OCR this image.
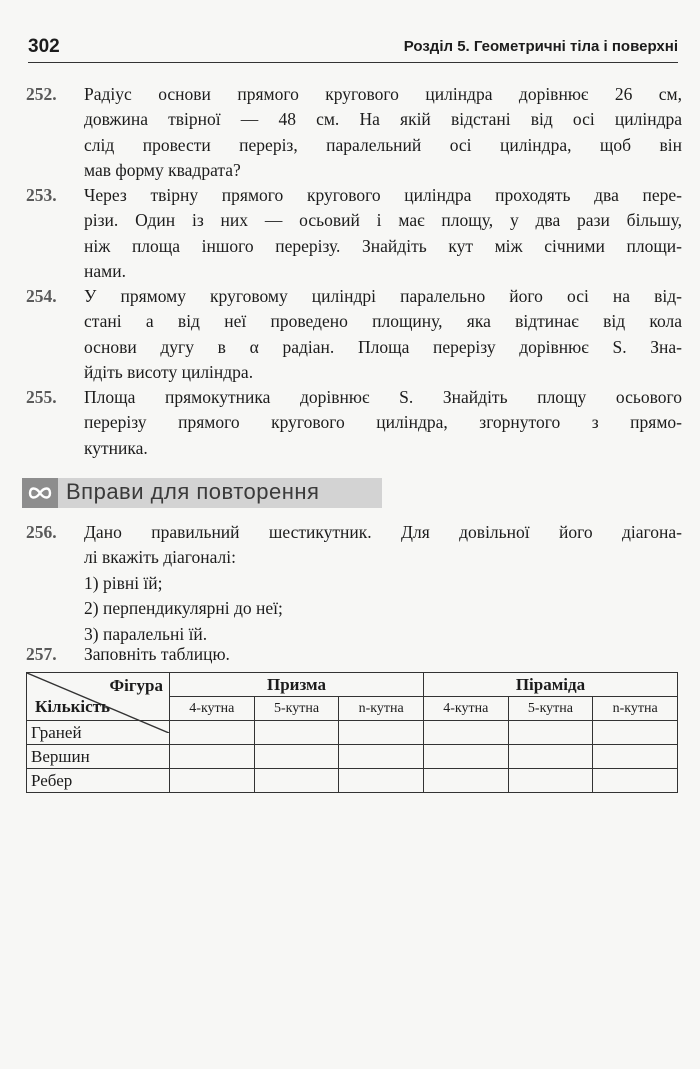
302	Розділ 5. Геометричні тіла і поверхні
252. Радіус основи прямого кругового циліндра дорівнює 26 см,
довжина твірної — 48 см. На якій відстані від осі циліндра
слід провести переріз, паралельний осі циліндра, щоб він
мав форму квадрата?
253. Через твірну прямого кругового циліндра проходять два пере-
різи. Один із них — осьовий і має площу, у два рази більшу,
ніж площа іншого перерізу. Знайдіть кут між січними площи-
нами.
254. У прямому круговому циліндрі паралельно його осі на від-
стані a від неї проведено площину, яка відтинає від кола
основи дугу в α радіан. Площа перерізу дорівнює S. Зна-
йдіть висоту циліндра.
255. Площа прямокутника дорівнює S. Знайдіть площу осьового
перерізу прямого кругового циліндра, згорнутого з прямо-
кутника.
Вправи для повторення
256. Дано правильний шестикутник. Для довільної його діагона-
лі вкажіть діагоналі:
1) рівні їй;
2) перпендикулярні до неї;
3) паралельні їй.
257. Заповніть таблицю.
Фігура
Кількість	Призма			Піраміда		
	4-кутна	5-кутна	n-кутна	4-кутна	5-кутна	n-кутна
Граней						
Вершин						
Ребер						
